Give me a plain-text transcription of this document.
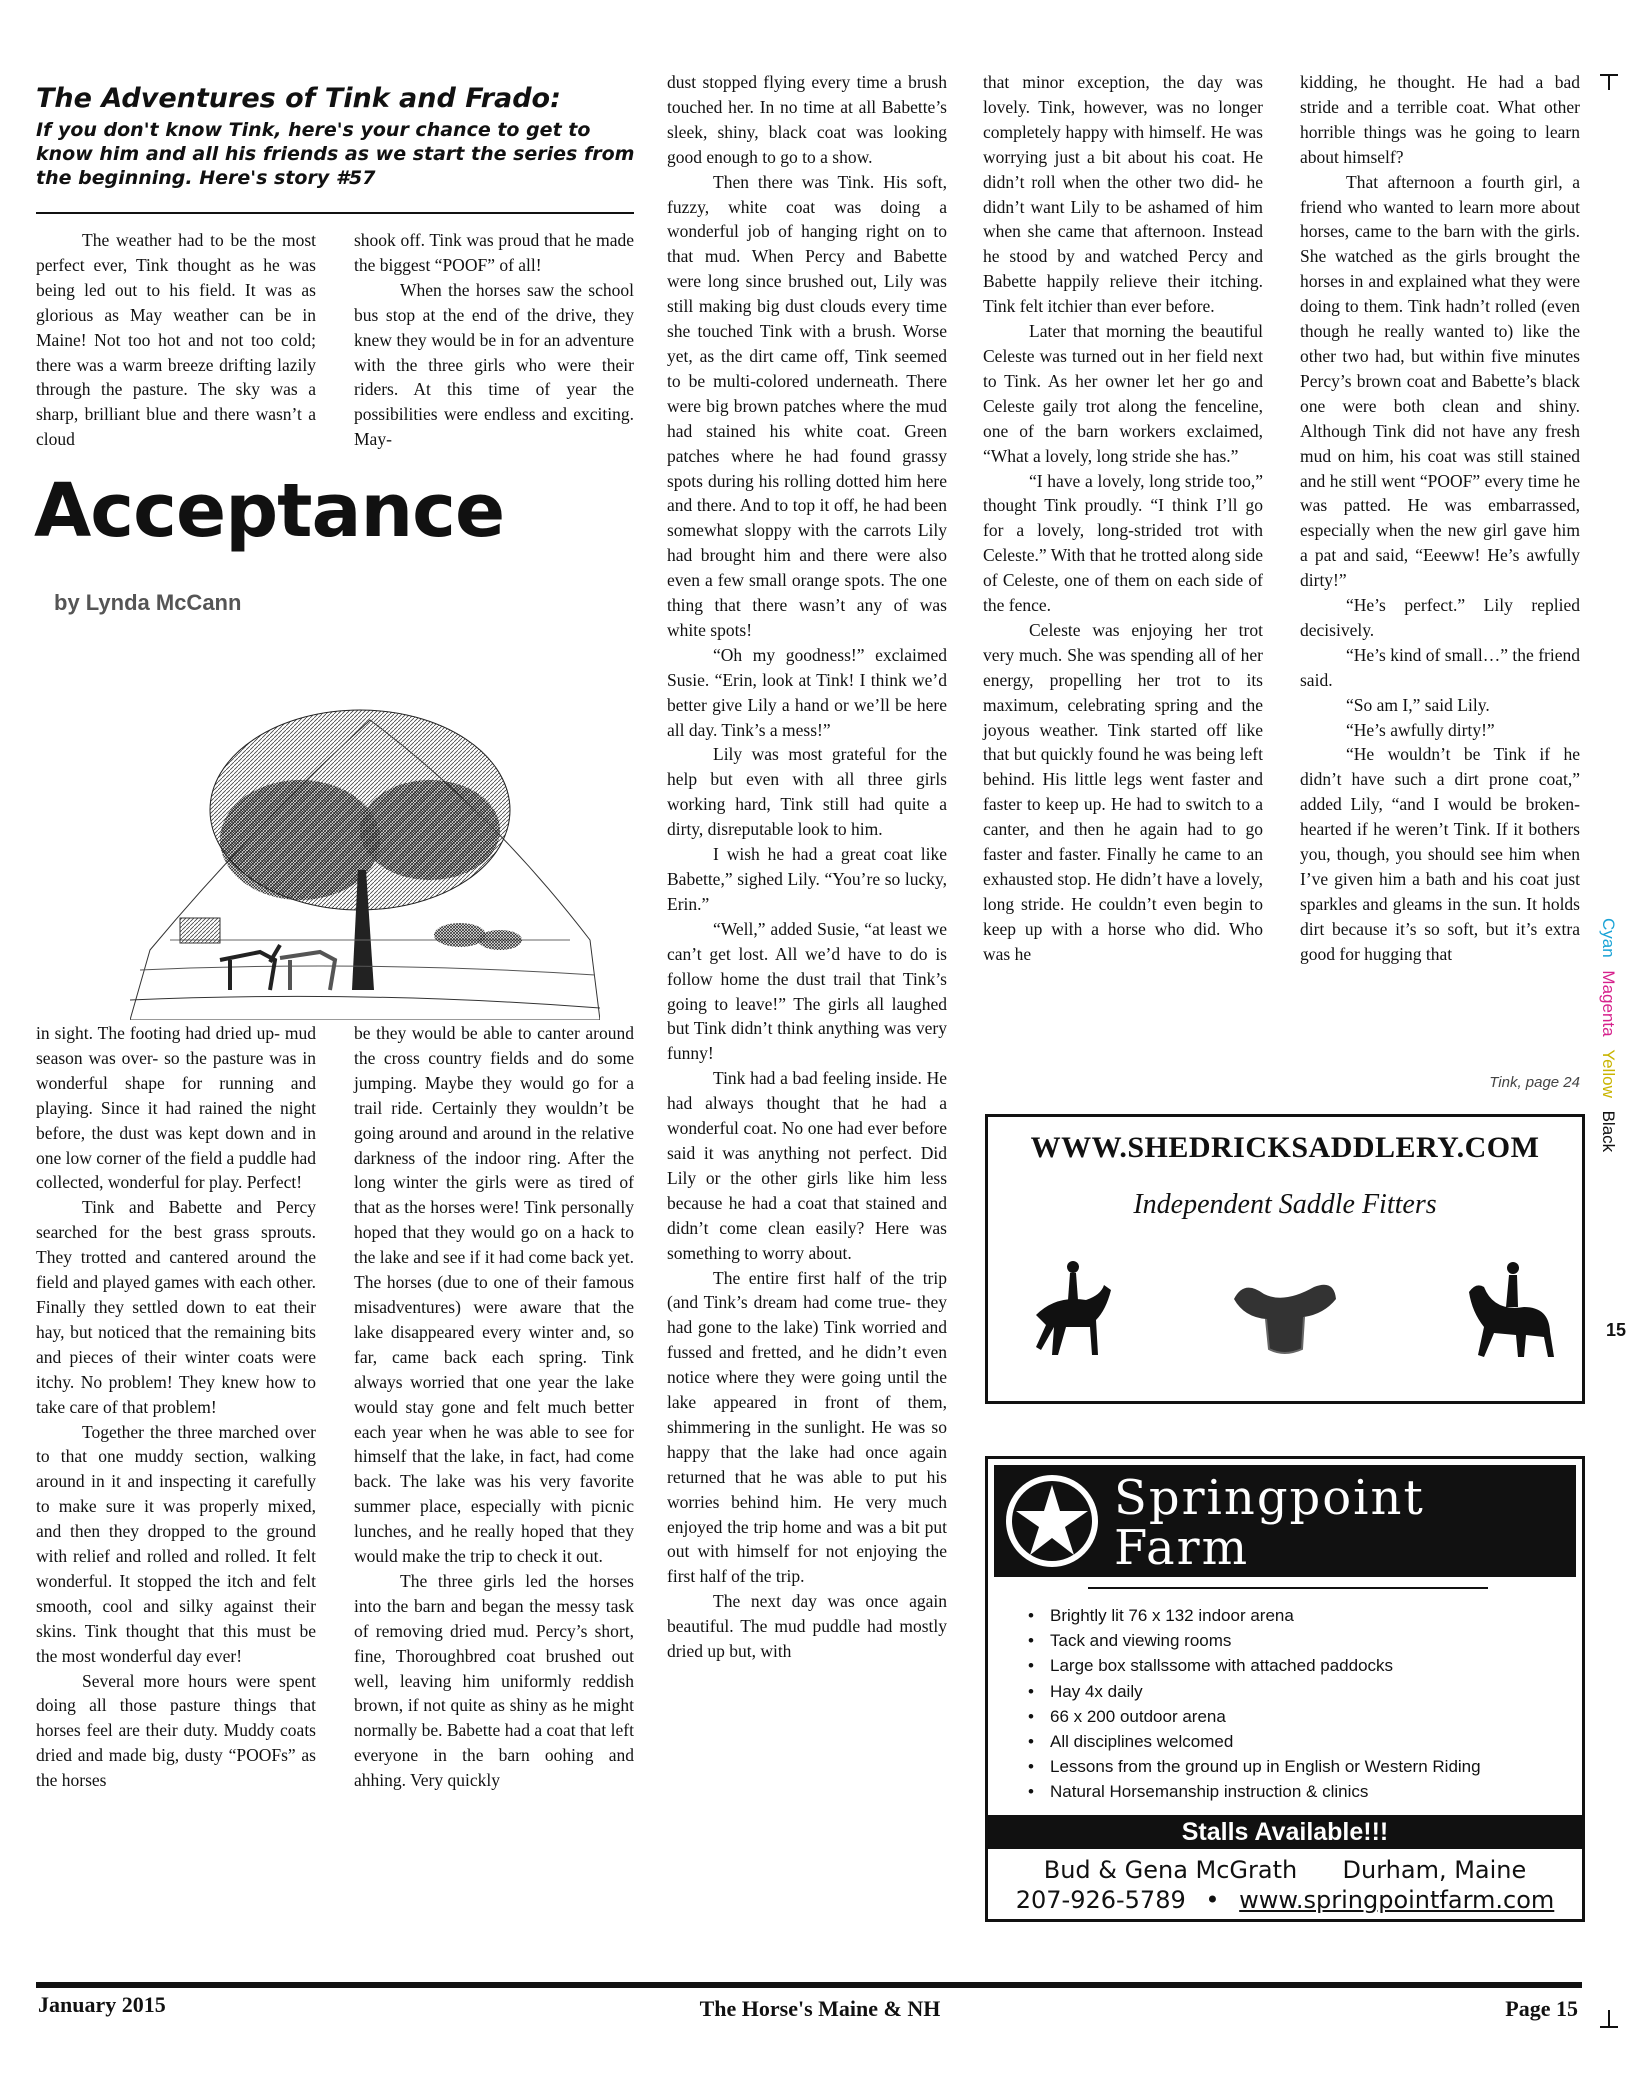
The Adventures of Tink and Frado:
If you don't know Tink, here's your chance to get to know him and all his friends as we start the series from the beginning. Here's story #57

The weather had to be the most perfect ever, Tink thought as he was being led out to his field. It was as glorious as May weather can be in Maine! Not too hot and not too cold; there was a warm breeze drifting lazily through the pasture. The sky was a sharp, brilliant blue and there wasn’t a cloud

shook off. Tink was proud that he made the biggest “POOF” of all!

When the horses saw the school bus stop at the end of the drive, they knew they would be in for an adventure with the three girls who were their riders. At this time of year the possibilities were endless and exciting. May-

Acceptance
by Lynda McCann

in sight. The footing had dried up- mud season was over- so the pasture was in wonderful shape for running and playing. Since it had rained the night before, the dust was kept down and in one low corner of the field a puddle had collected, wonderful for play. Perfect!

Tink and Babette and Percy searched for the best grass sprouts. They trotted and cantered around the field and played games with each other. Finally they settled down to eat their hay, but noticed that the remaining bits and pieces of their winter coats were itchy. No problem! They knew how to take care of that problem!

Together the three marched over to that one muddy section, walking around in it and inspecting it carefully to make sure it was properly mixed, and then they dropped to the ground with relief and rolled and rolled. It felt wonderful. It stopped the itch and felt smooth, cool and silky against their skins. Tink thought that this must be the most wonderful day ever!

Several more hours were spent doing all those pasture things that horses feel are their duty. Muddy coats dried and made big, dusty “POOFs” as the horses

be they would be able to canter around the cross country fields and do some jumping. Maybe they would go for a trail ride. Certainly they wouldn’t be going around and around in the relative darkness of the indoor ring. After the long winter the girls were as tired of that as the horses were! Tink personally hoped that they would go on a hack to the lake and see if it had come back yet. The horses (due to one of their famous misadventures) were aware that the lake disappeared every winter and, so far, came back each spring. Tink always worried that one year the lake would stay gone and felt much better each year when he was able to see for himself that the lake, in fact, had come back. The lake was his very favorite summer place, especially with picnic lunches, and he really hoped that they would make the trip to check it out.

The three girls led the horses into the barn and began the messy task of removing dried mud. Percy’s short, fine, Thoroughbred coat brushed out well, leaving him uniformly reddish brown, if not quite as shiny as he might normally be. Babette had a coat that left everyone in the barn oohing and ahhing. Very quickly

dust stopped flying every time a brush touched her. In no time at all Babette’s sleek, shiny, black coat was looking good enough to go to a show.

Then there was Tink. His soft, fuzzy, white coat was doing a wonderful job of hanging right on to that mud. When Percy and Babette were long since brushed out, Lily was still making big dust clouds every time she touched Tink with a brush. Worse yet, as the dirt came off, Tink seemed to be multi-colored underneath. There were big brown patches where the mud had stained his white coat. Green patches where he had found grassy spots during his rolling dotted him here and there. And to top it off, he had been somewhat sloppy with the carrots Lily had brought him and there were also even a few small orange spots. The one thing that there wasn’t any of was white spots!

“Oh my goodness!” exclaimed Susie. “Erin, look at Tink! I think we’d better give Lily a hand or we’ll be here all day. Tink’s a mess!”

Lily was most grateful for the help but even with all three girls working hard, Tink still had quite a dirty, disreputable look to him.

I wish he had a great coat like Babette,” sighed Lily. “You’re so lucky, Erin.”

“Well,” added Susie, “at least we can’t get lost. All we’d have to do is follow home the dust trail that Tink’s going to leave!” The girls all laughed but Tink didn’t think anything was very funny!

Tink had a bad feeling inside. He had always thought that he had a wonderful coat. No one had ever before said it was anything not perfect. Did Lily or the other girls like him less because he had a coat that stained and didn’t come clean easily? Here was something to worry about.

The entire first half of the trip (and Tink’s dream had come true- they had gone to the lake) Tink worried and fussed and fretted, and he didn’t even notice where they were going until the lake appeared in front of them, shimmering in the sunlight. He was so happy that the lake had once again returned that he was able to put his worries behind him. He very much enjoyed the trip home and was a bit put out with himself for not enjoying the first half of the trip.

The next day was once again beautiful. The mud puddle had mostly dried up but, with

that minor exception, the day was lovely. Tink, however, was no longer completely happy with himself. He was worrying just a bit about his coat. He didn’t roll when the other two did- he didn’t want Lily to be ashamed of him when she came that afternoon. Instead he stood by and watched Percy and Babette happily relieve their itching. Tink felt itchier than ever before.

Later that morning the beautiful Celeste was turned out in her field next to Tink. As her owner let her go and Celeste gaily trot along the fenceline, one of the barn workers exclaimed, “What a lovely, long stride she has.”

“I have a lovely, long stride too,” thought Tink proudly. “I think I’ll go for a lovely, long-strided trot with Celeste.” With that he trotted along side of Celeste, one of them on each side of the fence.

Celeste was enjoying her trot very much. She was spending all of her energy, propelling her trot to its maximum, celebrating spring and the joyous weather. Tink started off like that but quickly found he was being left behind. His little legs went faster and faster to keep up. He had to switch to a canter, and then he again had to go faster and faster. Finally he came to an exhausted stop. He didn’t have a lovely, long stride. He couldn’t even begin to keep up with a horse who did. Who was he

kidding, he thought. He had a bad stride and a terrible coat. What other horrible things was he going to learn about himself?

That afternoon a fourth girl, a friend who wanted to learn more about horses, came to the barn with the girls. She watched as the girls brought the horses in and explained what they were doing to them. Tink hadn’t rolled (even though he really wanted to) like the other two had, but within five minutes Percy’s brown coat and Babette’s black one were both clean and shiny. Although Tink did not have any fresh mud on him, his coat was still stained and he still went “POOF” every time he was patted. He was embarrassed, especially when the new girl gave him a pat and said, “Eeeww! He’s awfully dirty!”

“He’s perfect.” Lily replied decisively.

“He’s kind of small…” the friend said.

“So am I,” said Lily.

“He’s awfully dirty!”

“He wouldn’t be Tink if he didn’t have such a dirt prone coat,” added Lily, “and I would be broken-hearted if he weren’t Tink. If it bothers you, though, you should see him when I’ve given him a bath and his coat just sparkles and gleams in the sun. It holds dirt because it’s so soft, but it’s extra good for hugging that

Tink, page 24
WWW.SHEDRICKSADDLERY.COM
Independent Saddle Fitters
Springpoint Farm
• Brightly lit 76 x 132 indoor arena
• Tack and viewing rooms
• Large box stallssome with attached paddocks
• Hay 4x daily
• 66 x 200 outdoor arena
• All disciplines welcomed
• Lessons from the ground up in English or Western Riding
• Natural Horsemanship instruction & clinics
Stalls Available!!!
Bud & Gena McGrath Durham, Maine
207-926-5789 • www.springpointfarm.com
Cyan Magenta Yellow Black
15
January 2015	The Horse's Maine & NH	Page 15
